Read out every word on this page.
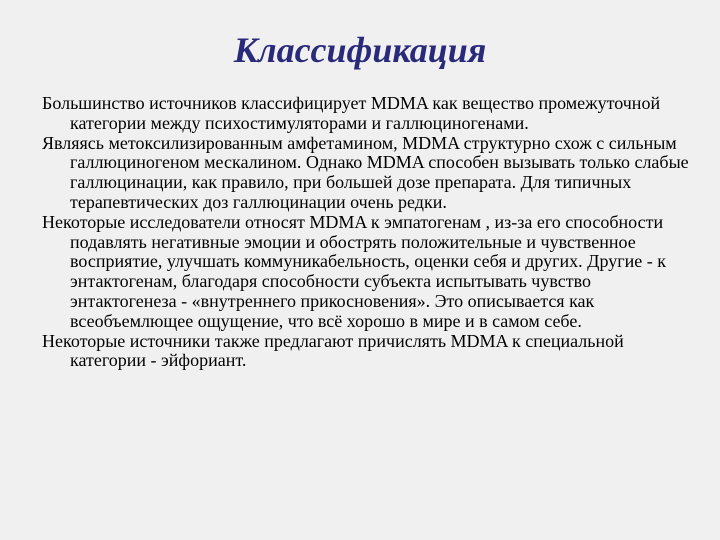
Классификация

Большинство источников классифицирует MDMA как вещество промежуточной категории между психостимуляторами и галлюциногенами.

Являясь метоксилизированным амфетамином, MDMA структурно схож с сильным галлюциногеном мескалином. Однако MDMA способен вызывать только слабые галлюцинации, как правило, при большей дозе препарата. Для типичных терапевтических доз галлюцинации очень редки.

Некоторые исследователи относят MDMA к эмпатогенам , из-за его способности подавлять негативные эмоции и обострять положительные и чувственное восприятие, улучшать коммуникабельность, оценки себя и других. Другие - к энтактогенам, благодаря способности субъекта испытывать чувство энтактогенеза - «внутреннего прикосновения». Это описывается как всеобъемлющее ощущение, что всё хорошо в мире и в самом себе.

Некоторые источники также предлагают причислять MDMA к специальной категории - эйфориант.
